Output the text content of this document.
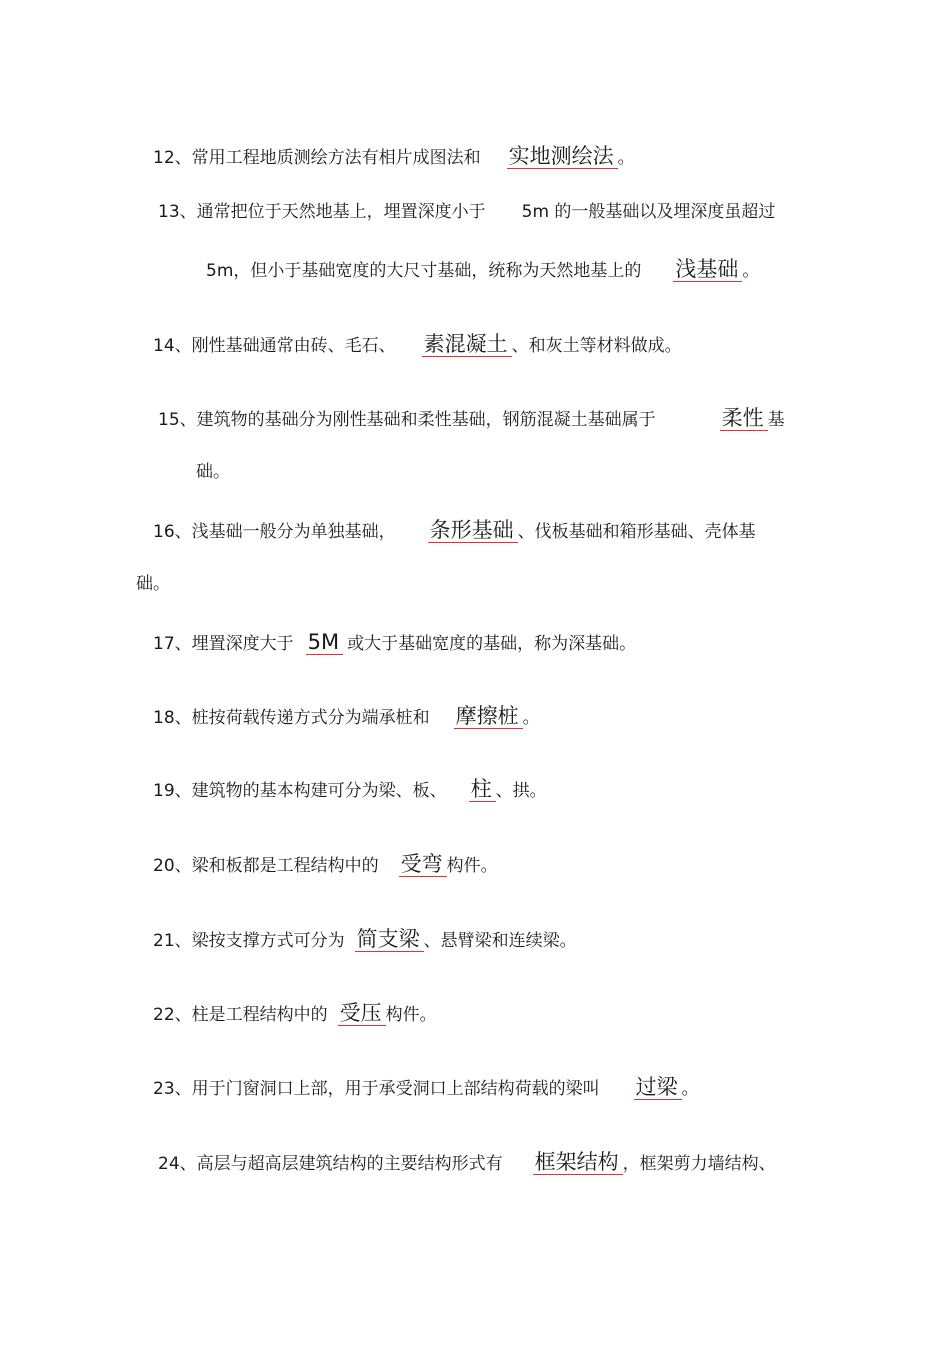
12、常用工程地质测绘方法有相片成图法和 实地测绘法 。
13、通常把位于天然地基上，埋置深度小于 5m 的一般基础以及埋深度虽超过
5m，但小于基础宽度的大尺寸基础，统称为天然地基上的 浅基础 。
14、刚性基础通常由砖、毛石、 素混凝土 、和灰土等材料做成。
15、建筑物的基础分为刚性基础和柔性基础，钢筋混凝土基础属于	柔性 基
础。
16、浅基础一般分为单独基础， 条形基础 、伐板基础和箱形基础、壳体基
础。
17、埋置深度大于 5M 或大于基础宽度的基础，称为深基础。
18、桩按荷载传递方式分为端承桩和 摩擦桩 。
19、建筑物的基本构建可分为梁、板、 柱 、拱。
20、梁和板都是工程结构中的 受弯 构件。
21、梁按支撑方式可分为 简支梁 、悬臂梁和连续梁。
22、柱是工程结构中的 受压 构件。
23、用于门窗洞口上部，用于承受洞口上部结构荷载的梁叫 过梁 。
24、高层与超高层建筑结构的主要结构形式有 框架结构 ，框架剪力墙结构、
